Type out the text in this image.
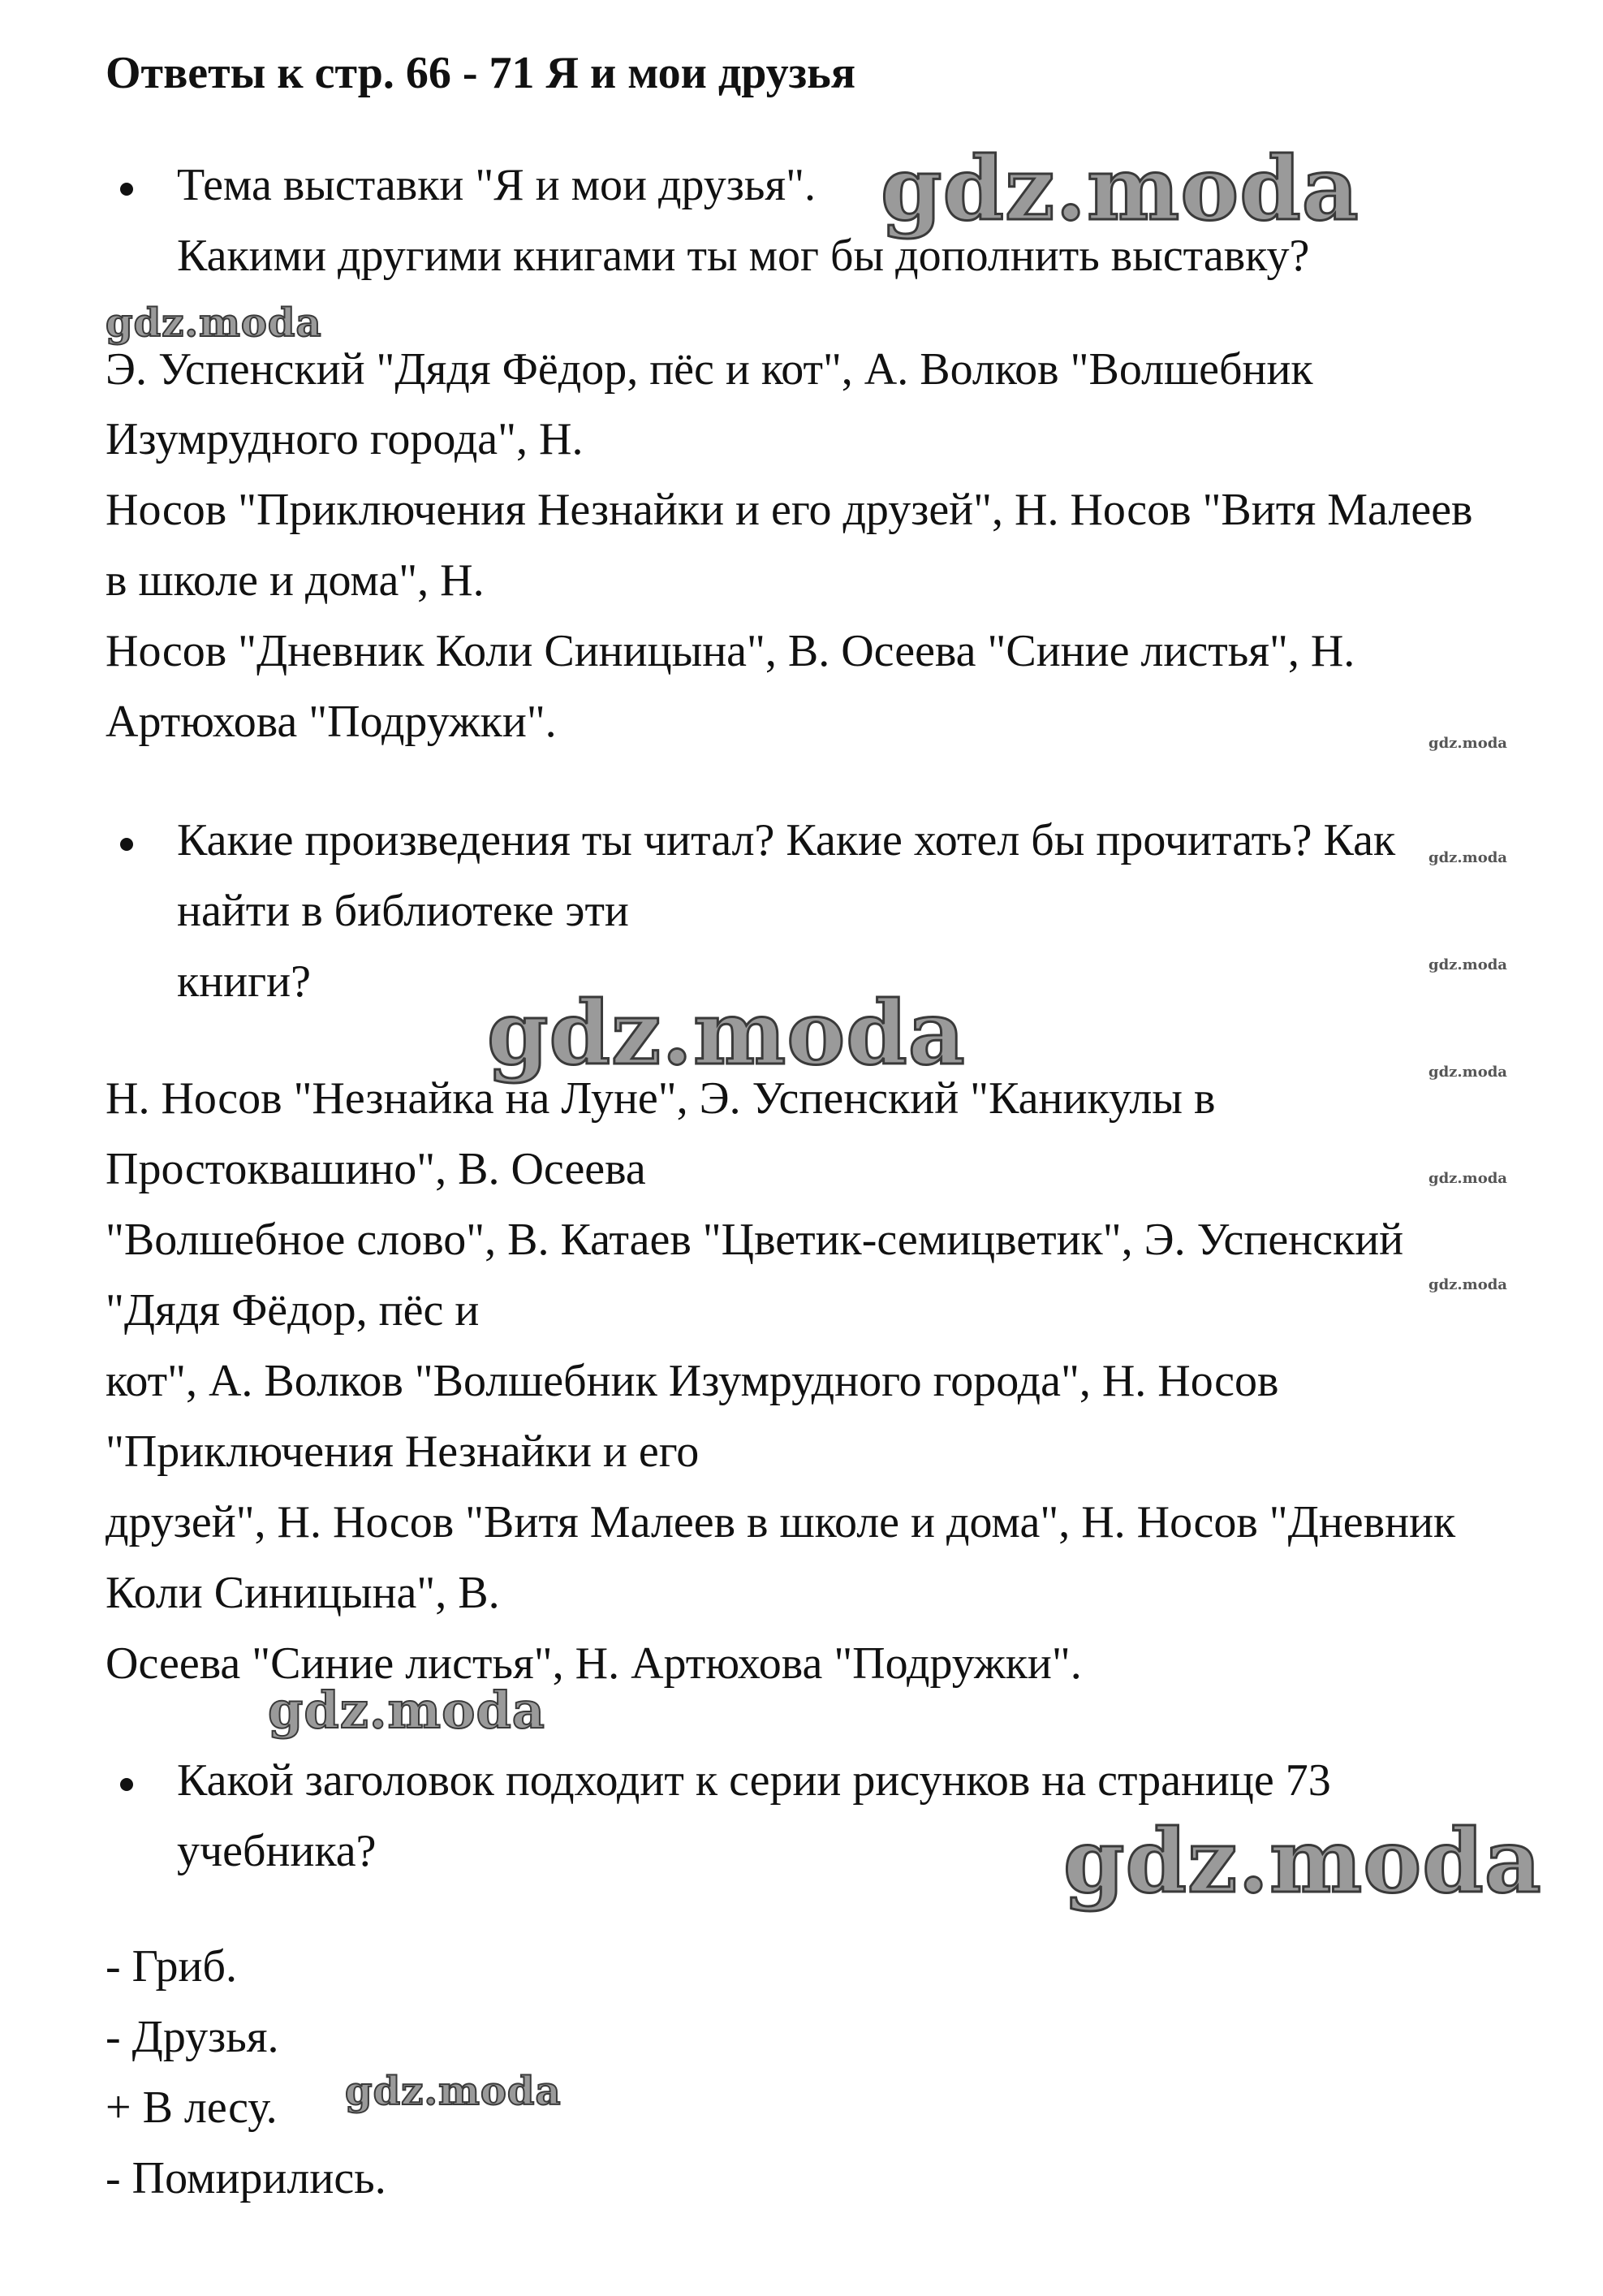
Ответы к стр. 66 - 71 Я и мои друзья
Тема выставки "Я и мои друзья".
Какими другими книгами ты мог бы дополнить выставку?
Э. Успенский "Дядя Фёдор, пёс и кот", А. Волков "Волшебник
Изумрудного города", Н.
Носов "Приключения Незнайки и его друзей", Н. Носов "Витя Малеев
в школе и дома", Н.
Носов "Дневник Коли Синицына", В. Осеева "Синие листья", Н.
Артюхова "Подружки".
Какие произведения ты читал? Какие хотел бы прочитать? Как
найти в библиотеке эти
книги?
Н. Носов "Незнайка на Луне", Э. Успенский "Каникулы в
Простоквашино", В. Осеева
"Волшебное слово", В. Катаев "Цветик-семицветик", Э. Успенский
"Дядя Фёдор, пёс и
кот", А. Волков "Волшебник Изумрудного города", Н. Носов
"Приключения Незнайки и его
друзей", Н. Носов "Витя Малеев в школе и дома", Н. Носов "Дневник
Коли Синицына", В.
Осеева "Синие листья", Н. Артюхова "Подружки".
Какой заголовок подходит к серии рисунков на странице 73
учебника?
- Гриб.
- Друзья.
+ В лесу.
- Помирились.
gdz.moda
gdz.moda
gdz.moda
gdz.moda
gdz.moda
gdz.moda
gdz.moda
gdz.moda
gdz.moda
gdz.moda
gdz.moda
gdz.moda
